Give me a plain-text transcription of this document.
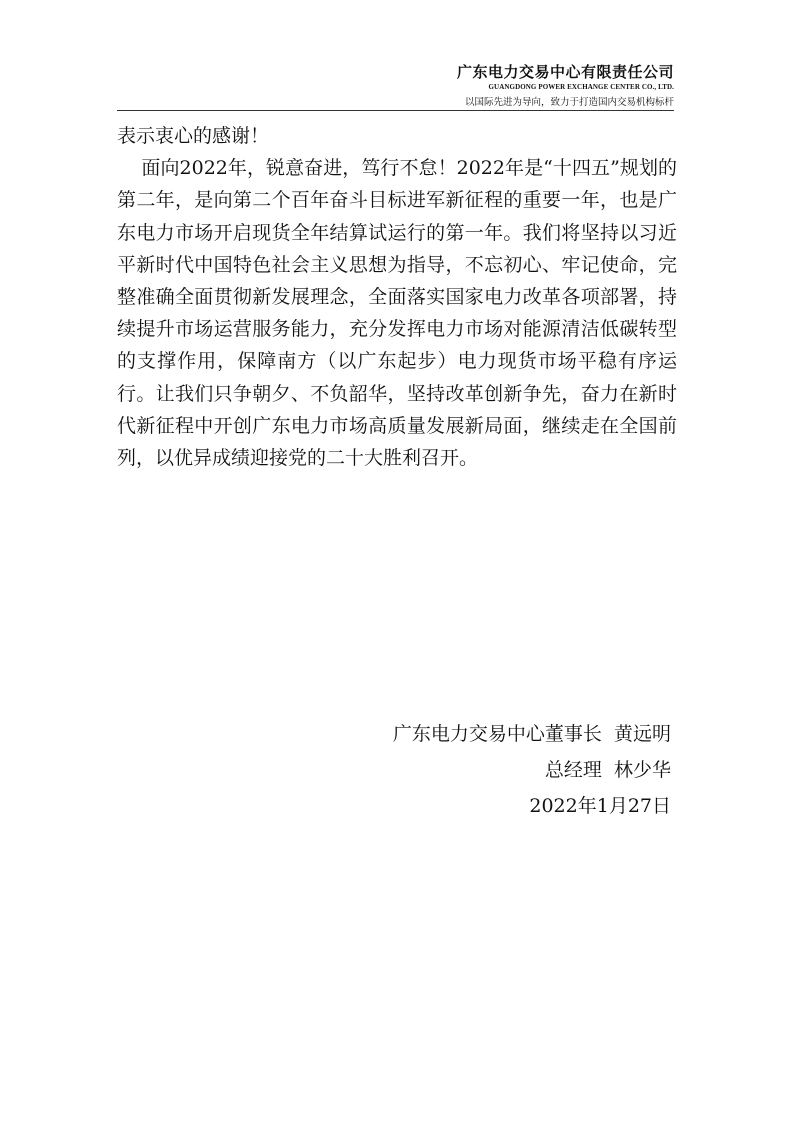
广东电力交易中心有限责任公司
GUANGDONG POWER EXCHANGE CENTER CO., LTD.
以国际先进为导向，致力于打造国内交易机构标杆

表示衷心的感谢！

面向2022年，锐意奋进，笃行不怠！2022年是“十四五”规划的第二年，是向第二个百年奋斗目标进军新征程的重要一年，也是广东电力市场开启现货全年结算试运行的第一年。我们将坚持以习近平新时代中国特色社会主义思想为指导，不忘初心、牢记使命，完整准确全面贯彻新发展理念，全面落实国家电力改革各项部署，持续提升市场运营服务能力，充分发挥电力市场对能源清洁低碳转型的支撑作用，保障南方（以广东起步）电力现货市场平稳有序运行。让我们只争朝夕、不负韶华，坚持改革创新争先，奋力在新时代新征程中开创广东电力市场高质量发展新局面，继续走在全国前列，以优异成绩迎接党的二十大胜利召开。

广东电力交易中心董事长  黄远明
总经理  林少华
2022年1月27日
